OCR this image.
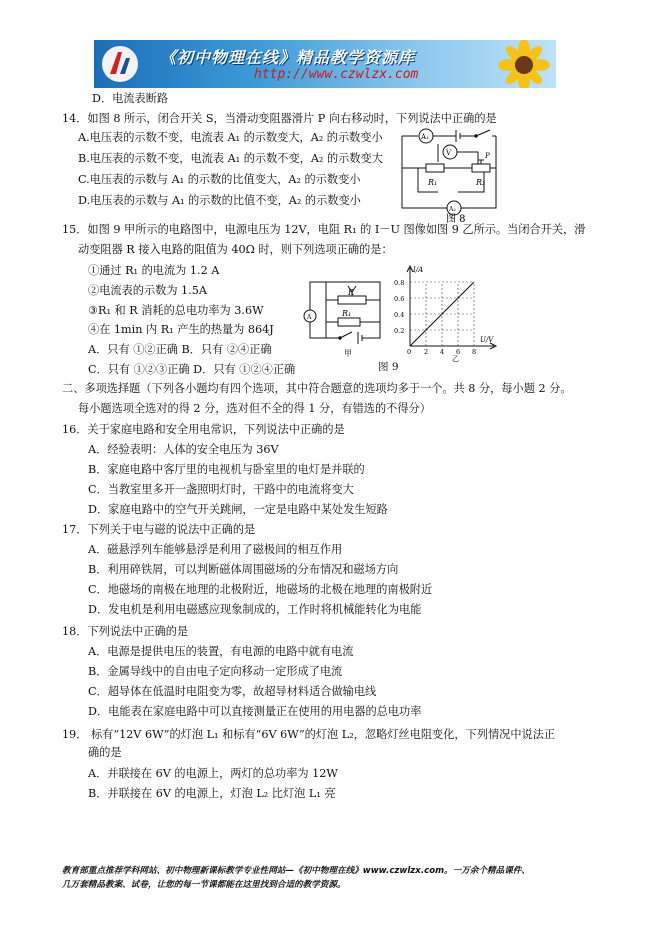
《初中物理在线》精品教学资源库
http://www.czwlzx.com
D．电流表断路
14．如图 8 所示，闭合开关 S，当滑动变阻器滑片 P 向右移动时，下列说法中正确的是
A.电压表的示数不变，电流表 A₁ 的示数变大，A₂ 的示数变小
B.电压表的示数不变，电流表 A₁ 的示数不变，A₂ 的示数变大
C.电压表的示数与 A₁ 的示数的比值变大，A₂ 的示数变小
D.电压表的示数与 A₁ 的示数的比值不变，A₂ 的示数变小
15．如图 9 甲所示的电路图中，电源电压为 12V，电阻 R₁ 的 I－U 图像如图 9 乙所示。当闭合开关，滑
动变阻器 R 接入电路的阻值为 40Ω 时，则下列选项正确的是：
①通过 R₁ 的电流为 1.2 A
②电流表的示数为 1.5A
③R₁ 和 R 消耗的总电功率为 3.6W
④在 1min 内 R₁ 产生的热量为 864J
A．只有 ①②正确 B．只有 ②④正确
C．只有 ①②③正确 D．只有 ①②④正确
二、多项选择题（下列各小题均有四个选项，其中符合题意的选项均多于一个。共 8 分，每小题 2 分。
每小题选项全选对的得 2 分，选对但不全的得 1 分，有错选的不得分）
16．关于家庭电路和安全用电常识，下列说法中正确的是
A．经验表明：人体的安全电压为 36V
B．家庭电路中客厅里的电视机与卧室里的电灯是并联的
C．当教室里多开一盏照明灯时，干路中的电流将变大
D．家庭电路中的空气开关跳闸，一定是电路中某处发生短路
17．下列关于电与磁的说法中正确的是
A．磁悬浮列车能够悬浮是利用了磁极间的相互作用
B．利用碎铁屑，可以判断磁体周围磁场的分布情况和磁场方向
C．地磁场的南极在地理的北极附近，地磁场的北极在地理的南极附近
D．发电机是利用电磁感应现象制成的，工作时将机械能转化为电能
18．下列说法中正确的是
A．电源是提供电压的装置，有电源的电路中就有电流
B．金属导线中的自由电子定向移动一定形成了电流
C．超导体在低温时电阻变为零，故超导材料适合做输电线
D．电能表在家庭电路中可以直接测量正在使用的用电器的总电功率
19． 标有“12V 6W”的灯泡 L₁ 和标有“6V 6W”的灯泡 L₂，忽略灯丝电阻变化，下列情况中说法正
确的是
A．并联接在 6V 的电源上，两灯的总功率为 12W
B．并联接在 6V 的电源上，灯泡 L₂ 比灯泡 L₁ 亮
A₁
V
R₁	R₂
P
A₂
图 8
R
R₁
A
甲
I/A
U/V
0.8
0.6
0.4
0.2
0 2 4 6 8
乙
图 9
教育部重点推荐学科网站、初中物理新课标教学专业性网站—《初中物理在线》www.czwlzx.com。一万余个精品课件、
几万套精品教案、试卷，让您的每一节课都能在这里找到合适的教学资源。
